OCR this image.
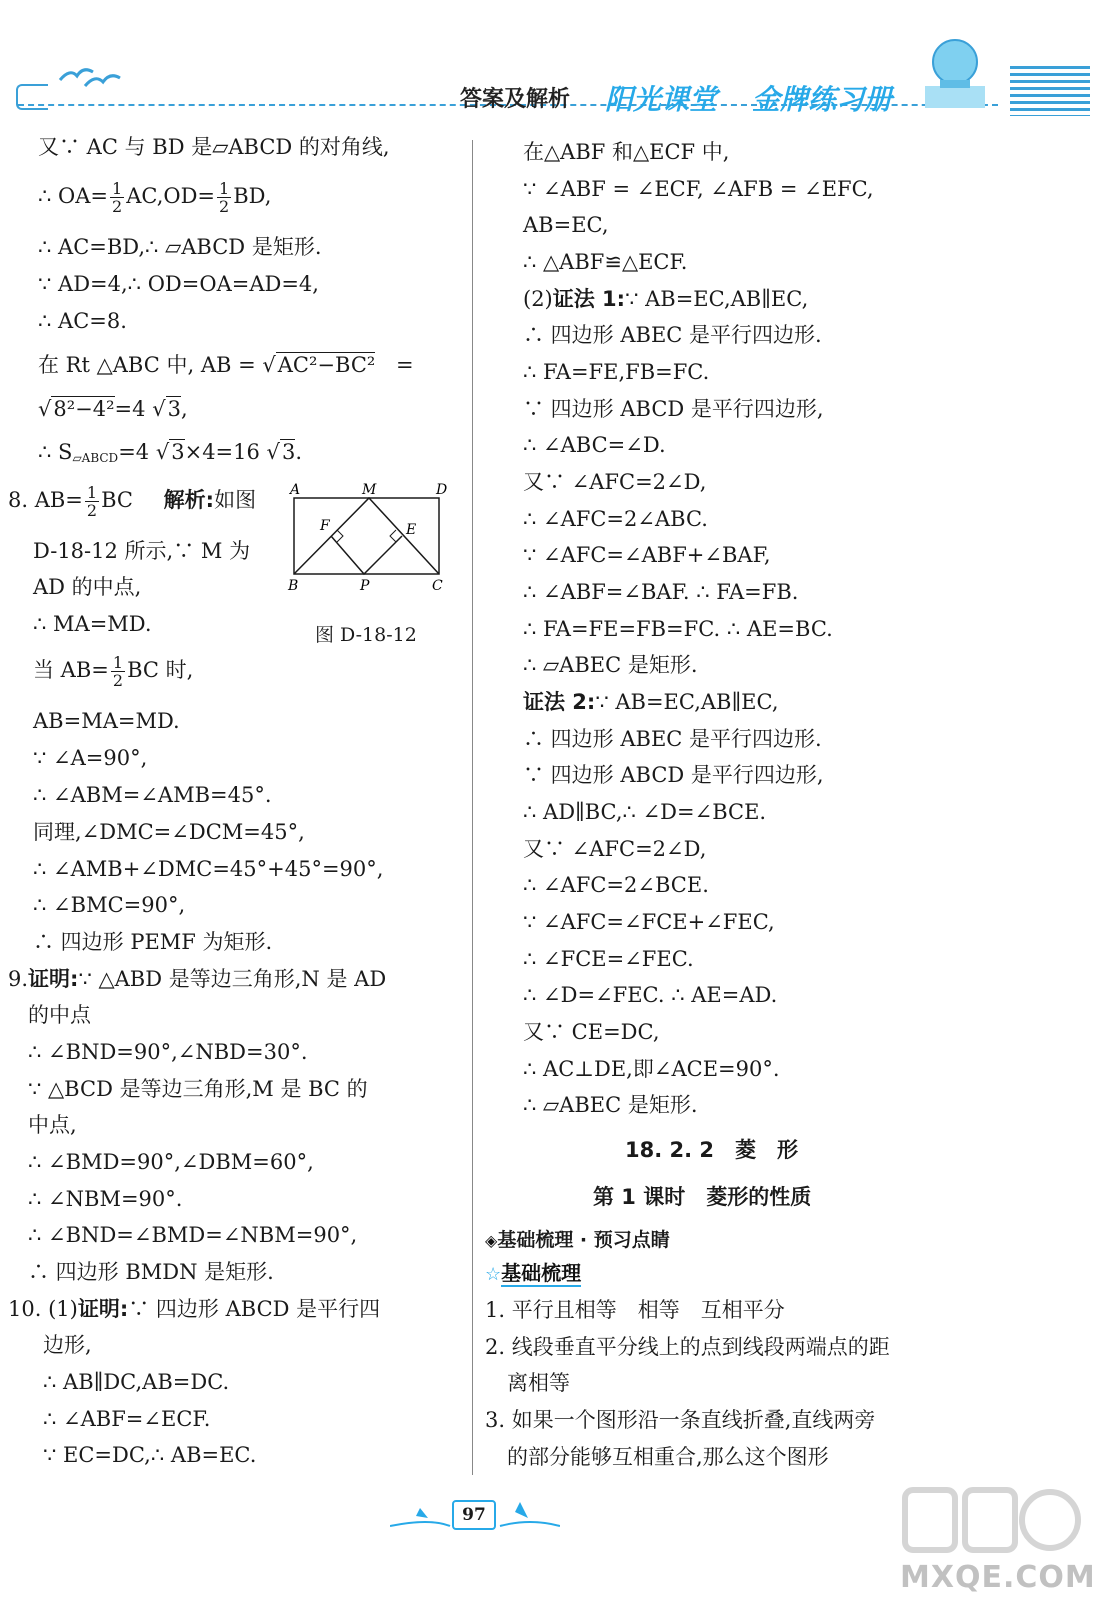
答案及解析 阳光课堂 金牌练习册
又∵ AC 与 BD 是▱ABCD 的对角线,
∴ $OA= \frac{1}{2} AC,OD= \frac{1}{2}$ BD,
∴ AC=BD,∴ ▱ABCD 是矩形.
∵ AD=4,∴ OD=OA=AD=4,
∴ AC=8.
在 Rt △ABC 中, AB = √AC²−BC² =
√8²−4²=4 √3,
∴ $S_{▱ABCD}=4$ √3×4=16 √3.
8. $AB= \frac{1}{2}$ BC 解析:如图
D-18-12 所示,∵ M 为
AD 的中点,
∴ MA=MD.
当 $AB= \frac{1}{2}$ BC 时,
AB=MA=MD.
∵ ∠A=90°,
∴ ∠ABM=∠AMB=45°.
同理,∠DMC=∠DCM=45°,
∴ ∠AMB+∠DMC=45°+45°=90°,
∴ ∠BMC=90°,
∴ 四边形 PEMF 为矩形.
9.证明:∵ △ABD 是等边三角形,N 是 AD
的中点
∴ ∠BND=90°,∠NBD=30°.
∵ △BCD 是等边三角形,M 是 BC 的
中点,
∴ ∠BMD=90°,∠DBM=60°,
∴ ∠NBM=90°.
∴ ∠BND=∠BMD=∠NBM=90°,
∴ 四边形 BMDN 是矩形.
10. (1)证明:∵ 四边形 ABCD 是平行四
边形,
∴ AB∥DC,AB=DC.
∴ ∠ABF=∠ECF.
∵ EC=DC,∴ AB=EC.
A	M	D
F	E
B	P	C
图 D-18-12
在△ABF 和△ECF 中,
∵ ∠ABF = ∠ECF, ∠AFB = ∠EFC,
AB=EC,
∴ △ABF≌△ECF.
(2)证法 1:∵ AB=EC,AB∥EC,
∴ 四边形 ABEC 是平行四边形.
∴ FA=FE,FB=FC.
∵ 四边形 ABCD 是平行四边形,
∴ ∠ABC=∠D.
又∵ ∠AFC=2∠D,
∴ ∠AFC=2∠ABC.
∵ ∠AFC=∠ABF+∠BAF,
∴ ∠ABF=∠BAF. ∴ FA=FB.
∴ FA=FE=FB=FC. ∴ AE=BC.
∴ ▱ABEC 是矩形.
证法 2:∵ AB=EC,AB∥EC,
∴ 四边形 ABEC 是平行四边形.
∵ 四边形 ABCD 是平行四边形,
∴ AD∥BC,∴ ∠D=∠BCE.
又∵ ∠AFC=2∠D,
∴ ∠AFC=2∠BCE.
∵ ∠AFC=∠FCE+∠FEC,
∴ ∠FCE=∠FEC.
∴ ∠D=∠FEC. ∴ AE=AD.
又∵ CE=DC,
∴ AC⊥DE,即∠ACE=90°.
∴ ▱ABEC 是矩形.
18. 2. 2　菱　形
第 1 课时　菱形的性质
◈基础梳理 · 预习点睛
☆基础梳理
1. 平行且相等　相等　互相平分
2. 线段垂直平分线上的点到线段两端点的距
离相等
3. 如果一个图形沿一条直线折叠,直线两旁
的部分能够互相重合,那么这个图形
97
MXQE.COM
